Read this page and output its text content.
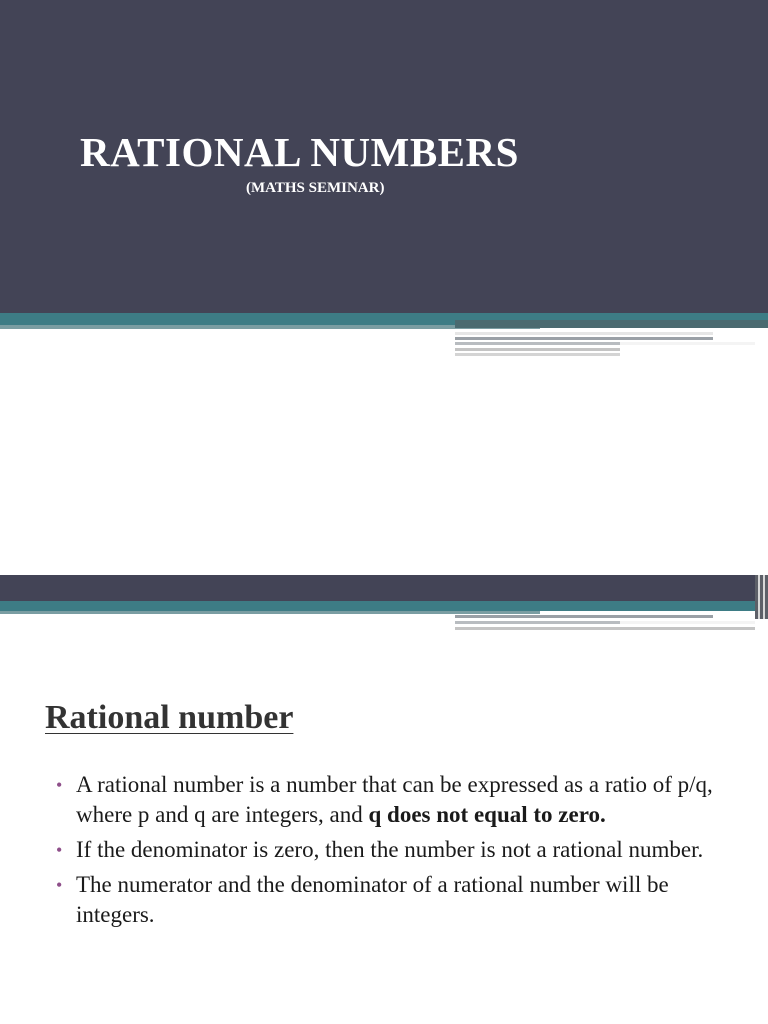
RATIONAL NUMBERS
(MATHS SEMINAR)
Rational number
• A rational number is a number that can be expressed as a ratio of p/q, where p and q are integers, and q does not equal to zero.
• If the denominator is zero, then the number is not a rational number.
• The numerator and the denominator of a rational number will be integers.
